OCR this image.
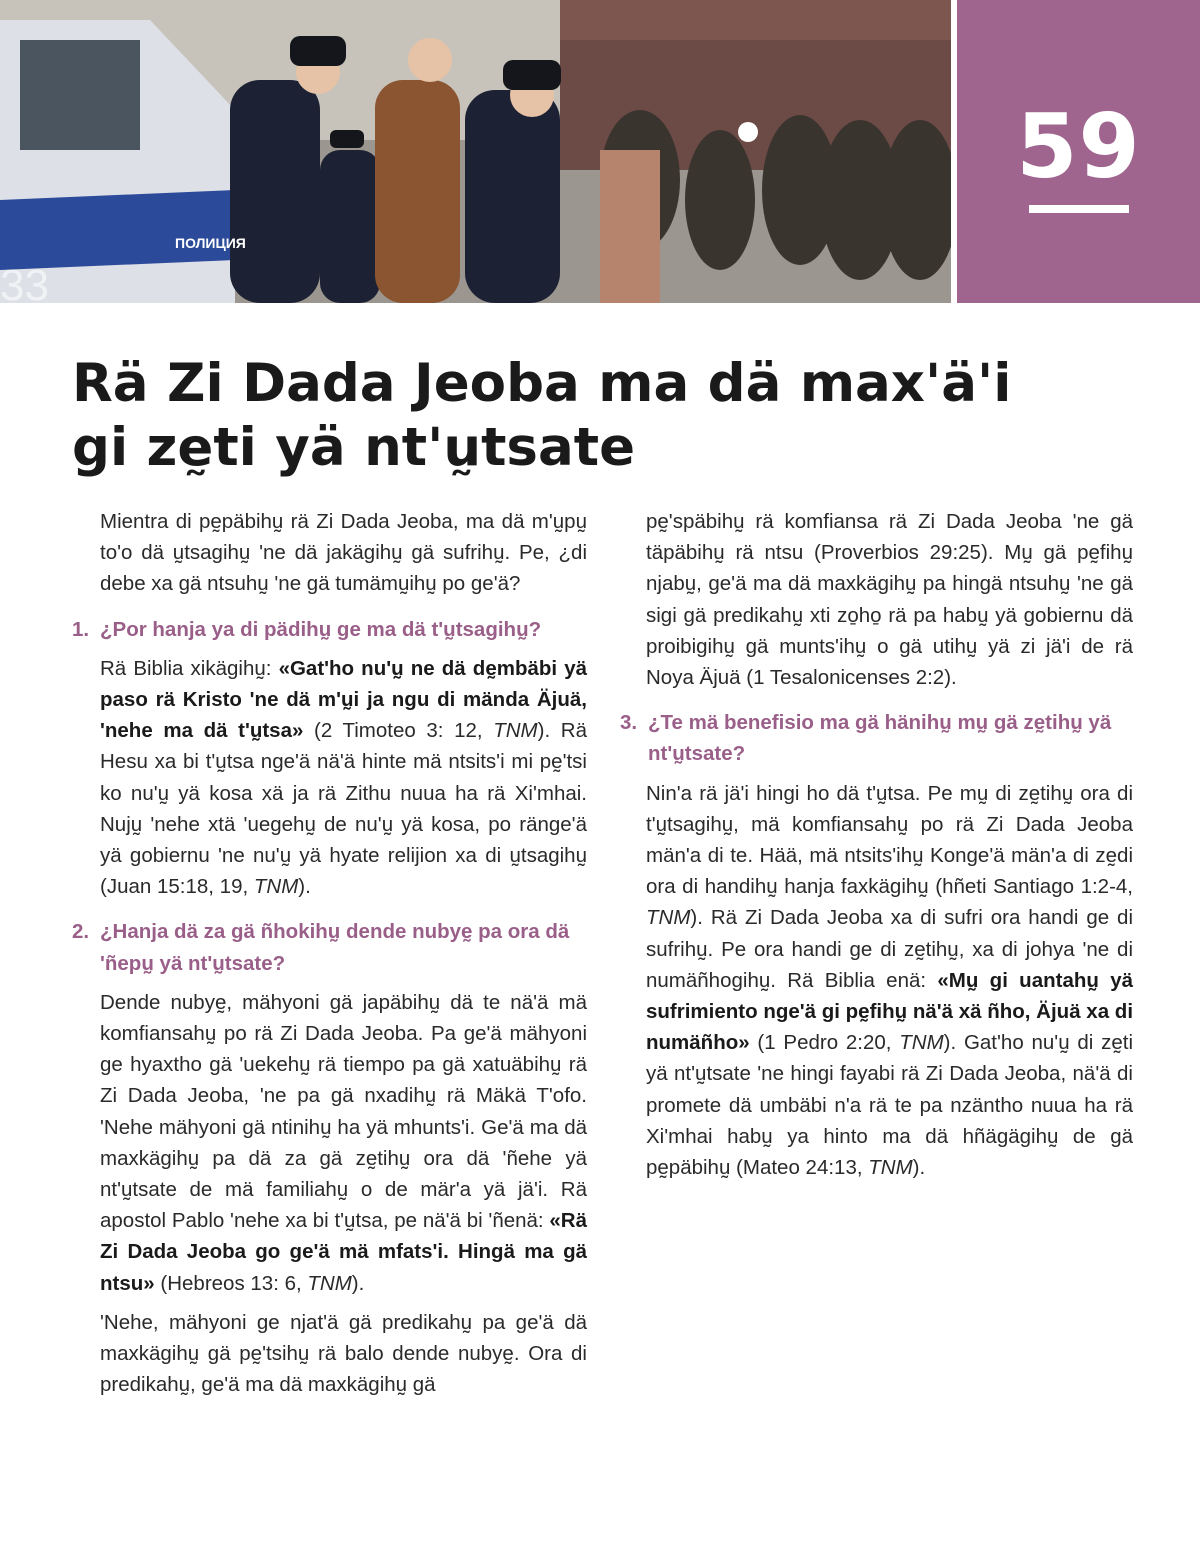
ПОЛИЦИЯ
33
59
Rä Zi Dada Jeoba ma dä max'ä'i
gi zḛti yä nt'ṵtsate

Mientra di pḛpäbihṵ rä Zi Dada Jeoba, ma dä m'ṵpṵ to'o dä ṵtsagihṵ 'ne dä jakägihṵ gä sufrihṵ. Pe, ¿di debe xa gä ntsuhṵ 'ne gä tumämṵihṵ po ge'ä?

1. ¿Por hanja ya di pädihṵ ge ma dä t'ṵtsagihṵ?

Rä Biblia xikägihṵ: «Gat'ho nu'ṵ ne dä dḛmbäbi yä paso rä Kristo 'ne dä m'ṵi ja ngu di mända Äjuä, 'nehe ma dä t'ṵtsa» (2 Timoteo 3: 12, TNM). Rä Hesu xa bi t'ṵtsa nge'ä nä'ä hinte mä ntsits'i mi pḛ'tsi ko nu'ṵ yä kosa xä ja rä Zithu nuua ha rä Xi'mhai. Nujṵ 'nehe xtä 'uegehṵ de nu'ṵ yä kosa, po ränge'ä yä gobiernu 'ne nu'ṵ yä hyate relijion xa di ṵtsagihṵ (Juan 15:18, 19, TNM).

2. ¿Hanja dä za gä ñhokihṵ dende nubyḛ pa ora dä 'ñepṵ yä nt'ṵtsate?

Dende nubyḛ, mähyoni gä japäbihṵ dä te nä'ä mä komfiansahṵ po rä Zi Dada Jeoba. Pa ge'ä mähyoni ge hyaxtho gä 'uekehṵ rä tiempo pa gä xatuäbihṵ rä Zi Dada Jeoba, 'ne pa gä nxadihṵ rä Mäkä T'ofo. 'Nehe mähyoni gä ntinihṵ ha yä mhunts'i. Ge'ä ma dä maxkägihṵ pa dä za gä zḛtihṵ ora dä 'ñehe yä nt'ṵtsate de mä familiahṵ o de mär'a yä jä'i. Rä apostol Pablo 'nehe xa bi t'ṵtsa, pe nä'ä bi 'ñenä: «Rä Zi Dada Jeoba go ge'ä mä mfats'i. Hingä ma gä ntsu» (Hebreos 13: 6, TNM).

'Nehe, mähyoni ge njat'ä gä predikahṵ pa ge'ä dä maxkägihṵ gä pḛ'tsihṵ rä balo dende nubyḛ. Ora di predikahṵ, ge'ä ma dä maxkägihṵ gä

pḛ'späbihṵ rä komfiansa rä Zi Dada Jeoba 'ne gä täpäbihṵ rä ntsu (Proverbios 29:25). Mṵ gä pḛfihṵ njabṵ, ge'ä ma dä maxkägihṵ pa hingä ntsuhṵ 'ne gä sigi gä predikahṵ xti zo̱ho̱ rä pa habṵ yä gobiernu dä proibigihṵ gä munts'ihṵ o gä utihṵ yä zi jä'i de rä Noya Äjuä (1 Tesalonicenses 2:2).

3. ¿Te mä benefisio ma gä hänihṵ mṵ gä zḛtihṵ yä nt'ṵtsate?

Nin'a rä jä'i hingi ho dä t'ṵtsa. Pe mṵ di zḛtihṵ ora di t'ṵtsagihṵ, mä komfiansahṵ po rä Zi Dada Jeoba män'a di te. Hää, mä ntsits'ihṵ Konge'ä män'a di zḛdi ora di handihṵ hanja faxkägihṵ (hñeti Santiago 1:2-4, TNM). Rä Zi Dada Jeoba xa di sufri ora handi ge di sufrihṵ. Pe ora handi ge di zḛtihṵ, xa di johya 'ne di numäñhogihṵ. Rä Biblia enä: «Mṵ gi uantahṵ yä sufrimiento nge'ä gi pḛfihṵ nä'ä xä ñho, Äjuä xa di numäñho» (1 Pedro 2:20, TNM). Gat'ho nu'ṵ di zḛti yä nt'ṵtsate 'ne hingi fayabi rä Zi Dada Jeoba, nä'ä di promete dä umbäbi n'a rä te pa nzäntho nuua ha rä Xi'mhai habṵ ya hinto ma dä hñägägihṵ de gä pḛpäbihṵ (Mateo 24:13, TNM).
